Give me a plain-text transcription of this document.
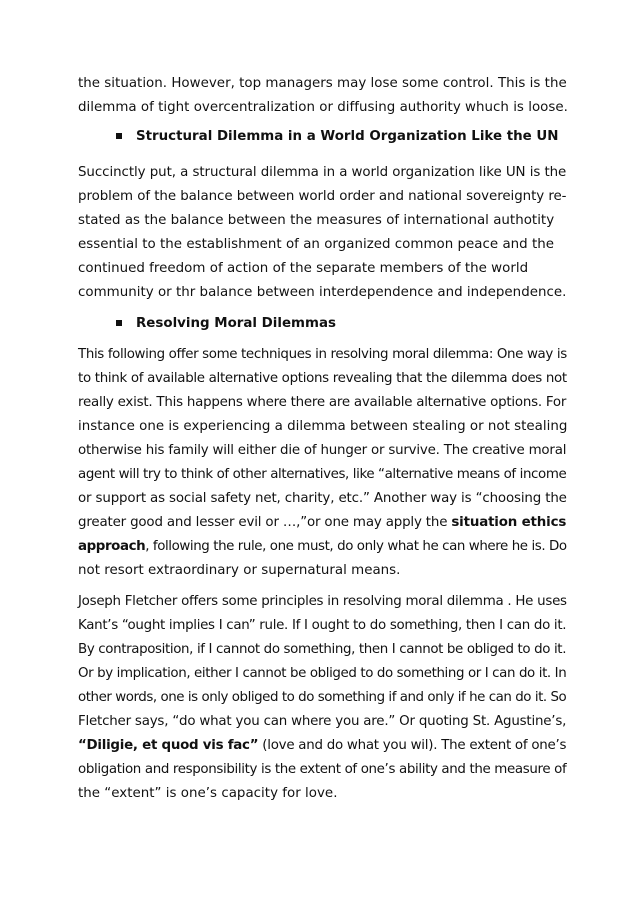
the situation. However, top managers may lose some control. This is the
dilemma of tight overcentralization or diffusing authority whuch is loose.
Structural Dilemma in a World Organization Like the UN
Succinctly put, a structural dilemma in a world organization like UN is the
problem of the balance between world order and national sovereignty re-
stated as the balance between the measures of international authotity
essential to the establishment of an organized common peace and the
continued freedom of action of the separate members of the world
community or thr balance between interdependence and independence.
Resolving Moral Dilemmas
This following offer some techniques in resolving moral dilemma: One way is
to think of available alternative options revealing that the dilemma does not
really exist. This happens where there are available alternative options. For
instance one is experiencing a dilemma between stealing or not stealing
otherwise his family will either die of hunger or survive. The creative moral
agent will try to think of other alternatives, like “alternative means of income
or support as social safety net, charity, etc.” Another way is “choosing the
greater good and lesser evil or …,”or one may apply the situation ethics
approach, following the rule, one must, do only what he can where he is. Do
not resort extraordinary or supernatural means.
Joseph Fletcher offers some principles in resolving moral dilemma . He uses
Kant’s “ought implies I can” rule. If I ought to do something, then I can do it.
By contraposition, if I cannot do something, then I cannot be obliged to do it.
Or by implication, either I cannot be obliged to do something or I can do it. In
other words, one is only obliged to do something if and only if he can do it. So
Fletcher says, “do what you can where you are.” Or quoting St. Agustine’s,
“Diligie, et quod vis fac” (love and do what you wil). The extent of one’s
obligation and responsibility is the extent of one’s ability and the measure of
the “extent” is one’s capacity for love.
